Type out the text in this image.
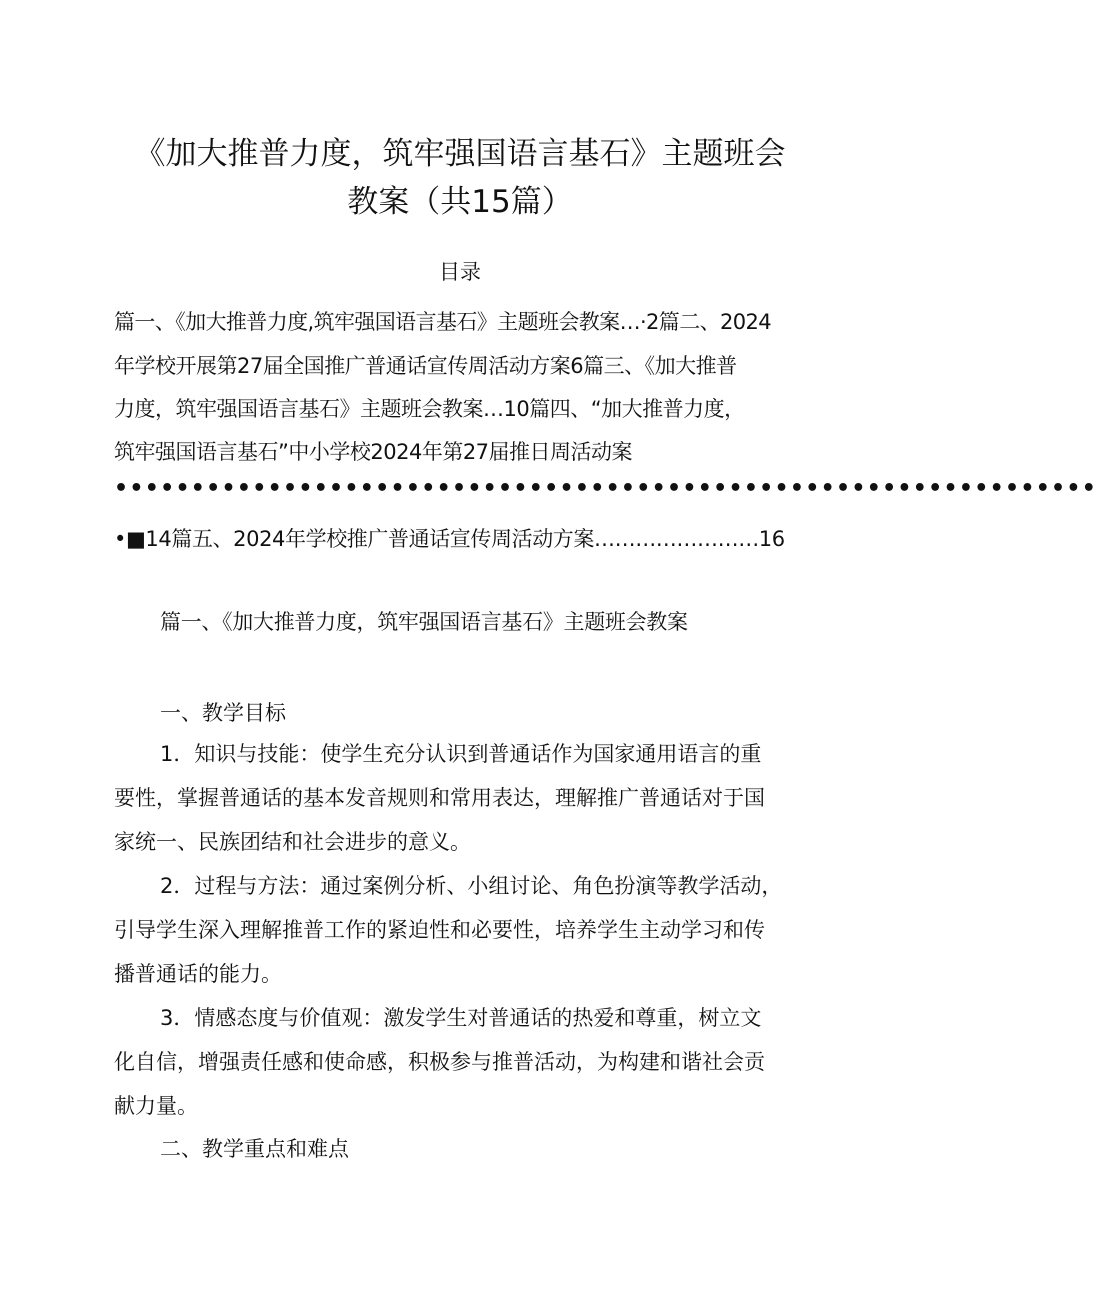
《加大推普力度，筑牢强国语言基石》主题班会
教案（共15篇）
目录
篇一、《加大推普力度,筑牢强国语言基石》主题班会教案…·2篇二、2024
年学校开展第27届全国推广普通话宣传周活动方案6篇三、《加大推普
力度，筑牢强国语言基石》主题班会教案…10篇四、“加大推普力度，
筑牢强国语言基石”中小学校2024年第27届推日周活动案
••••••••••••••••••••••••••••••••••••••••••••••••••••••••••••••••
•■14篇五、2024年学校推广普通话宣传周活动方案……………………16
篇一、《加大推普力度，筑牢强国语言基石》主题班会教案
一、教学目标
1．知识与技能：使学生充分认识到普通话作为国家通用语言的重
要性，掌握普通话的基本发音规则和常用表达，理解推广普通话对于国
家统一、民族团结和社会进步的意义。
2．过程与方法：通过案例分析、小组讨论、角色扮演等教学活动，
引导学生深入理解推普工作的紧迫性和必要性，培养学生主动学习和传
播普通话的能力。
3．情感态度与价值观：激发学生对普通话的热爱和尊重，树立文
化自信，增强责任感和使命感，积极参与推普活动，为构建和谐社会贡
献力量。
二、教学重点和难点
